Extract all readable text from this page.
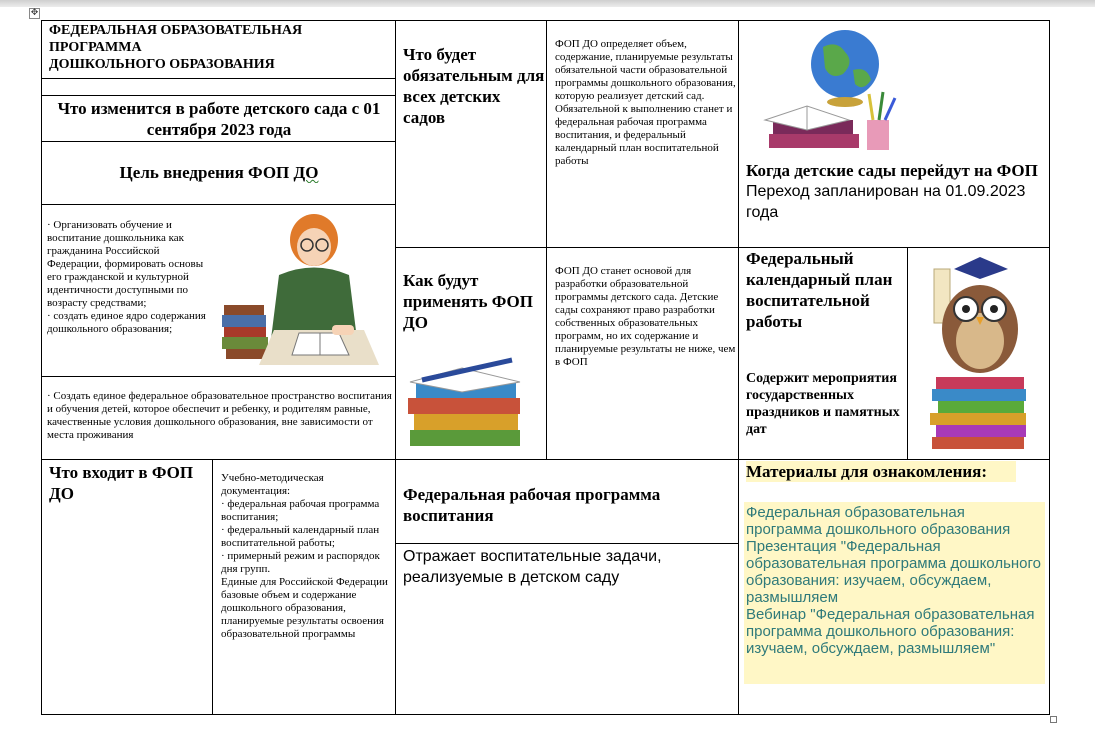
✥
ФЕДЕРАЛЬНАЯ ОБРАЗОВАТЕЛЬНАЯ
ПРОГРАММА
ДОШКОЛЬНОГО ОБРАЗОВАНИЯ
Что изменится в работе детского сада с 01 сентября 2023 года
Цель внедрения ФОП ДО
· Организовать обучение и воспитание дошкольника как гражданина Российской Федерации, формировать основы его гражданской и культурной идентичности доступными по возрасту средствами;
· создать единое ядро содержания дошкольного образования;
· Создать единое федеральное образовательное пространство воспитания и обучения детей, которое обеспечит и ребенку, и родителям равные, качественные условия дошкольного образования, вне зависимости от места проживания
Что будет обязательным для всех детских садов
ФОП ДО определяет объем, содержание, планируемые результаты обязательной части образовательной программы дошкольного образования, которую реализует детский сад. Обязательной к выполнению станет и федеральная рабочая программа воспитания, и федеральный календарный план воспитательной работы	Когда детские сады перейдут на ФОП
Переход запланирован на 01.09.2023 года
Как будут применять ФОП ДО
ФОП ДО станет основой для разработки образовательной программы детского сада. Детские сады сохраняют право разработки собственных образовательных программ, но их содержание и планируемые результаты не ниже, чем в ФОП
Федеральный календарный план воспитательной работы
Содержит мероприятия государственных праздников и памятных дат
Что входит в ФОП ДО
Учебно-методическая документация:
· федеральная рабочая программа воспитания;
· федеральный календарный план воспитательной работы;
· примерный режим и распорядок дня групп.
Единые для Российской Федерации базовые объем и содержание дошкольного образования, планируемые результаты освоения образовательной программы
Федеральная рабочая программа воспитания
Отражает воспитательные задачи, реализуемые в детском саду
Материалы для ознакомления:
Федеральная образовательная программа дошкольного образования
Презентация "Федеральная образовательная программа дошкольного образования: изучаем, обсуждаем, размышляем
Вебинар "Федеральная образовательная программа дошкольного образования: изучаем, обсуждаем, размышляем"
